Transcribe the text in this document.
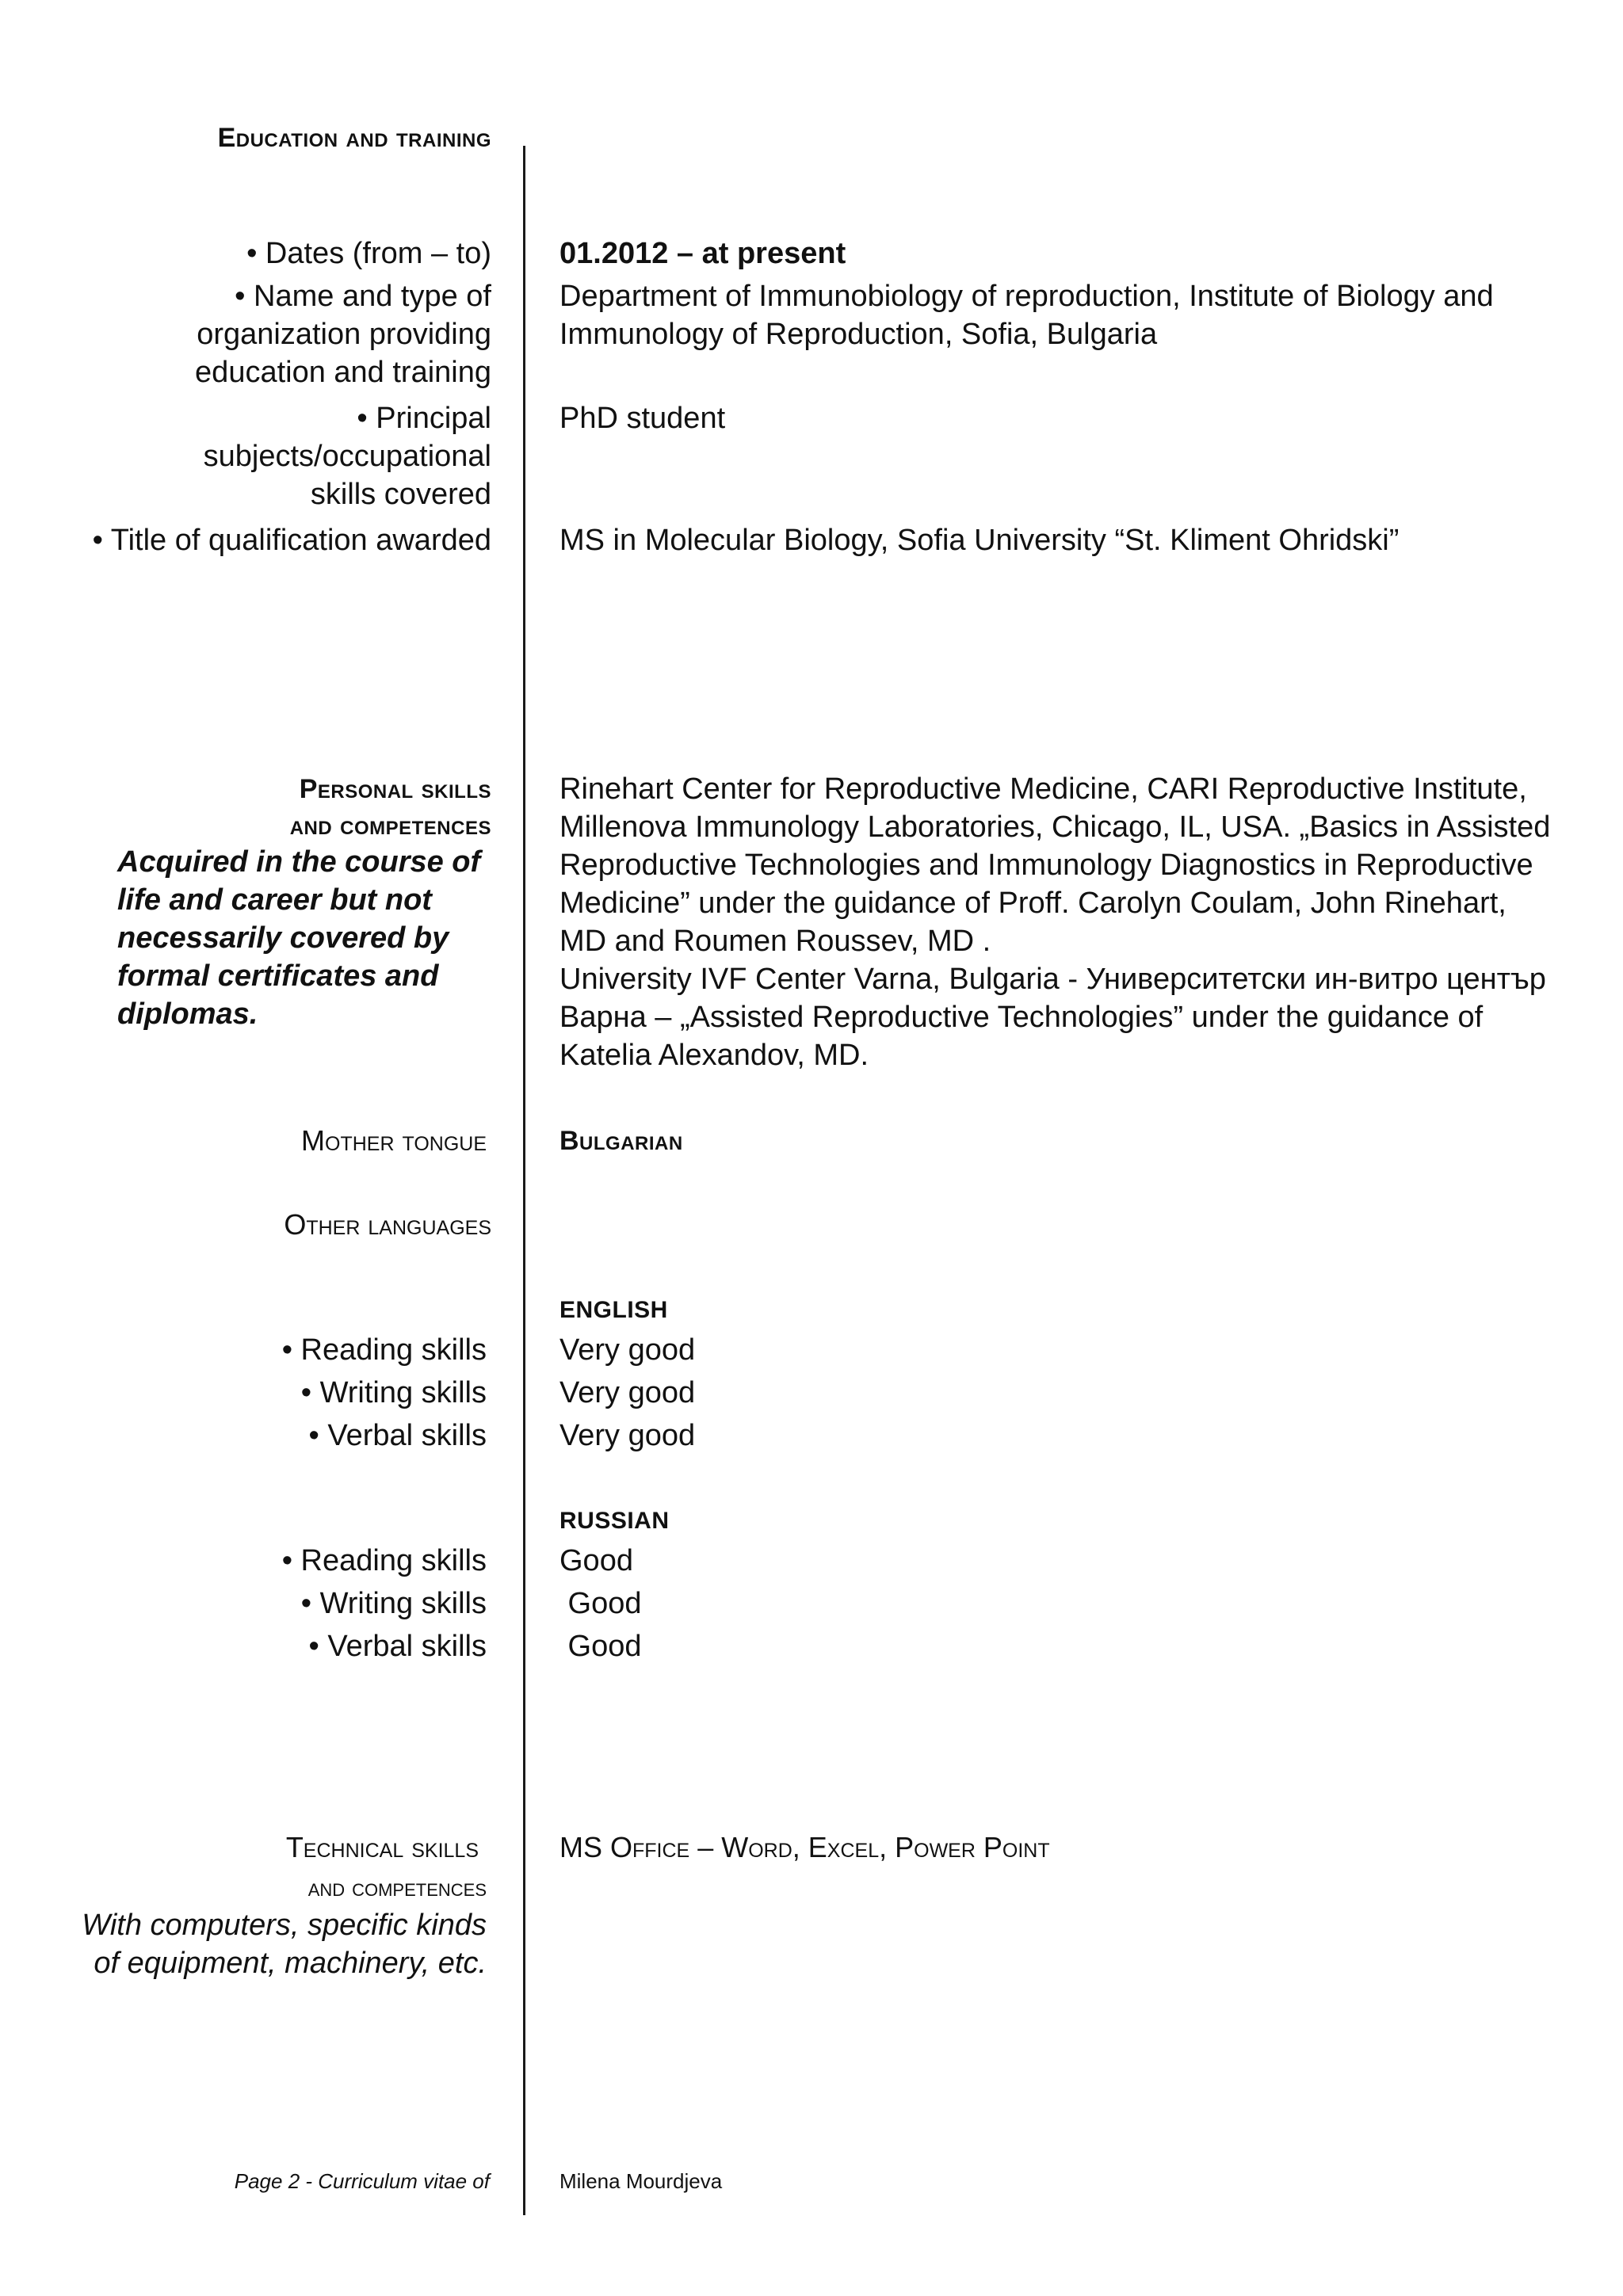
Education and training
• Dates (from – to) 01.2012 – at present
• Name and type of
organization providing
education and training
Department of Immunobiology of reproduction, Institute of Biology and Immunology of Reproduction, Sofia, Bulgaria
• Principal
subjects/occupational
skills covered
PhD student
• Title of qualification awarded MS in Molecular Biology, Sofia University “St. Kliment Ohridski”
Personal skills
and competences
Acquired in the course of
life and career but not
necessarily covered by
formal certificates and
diplomas.
Rinehart Center for Reproductive Medicine, CARI Reproductive Institute, Millenova Immunology Laboratories, Chicago, IL, USA. „Basics in Assisted Reproductive Technologies and Immunology Diagnostics in Reproductive Medicine” under the guidance of Proff. Carolyn Coulam, John Rinehart, MD and Roumen Roussev, MD .
University IVF Center Varna, Bulgaria - Университетски ин-витро център Варна – „Assisted Reproductive Technologies” under the guidance of Katelia Alexandov, MD.
Mother tongue	Bulgarian
Other languages
ENGLISH
• Reading skills Very good
• Writing skills Very good
• Verbal skills Very good
RUSSIAN
• Reading skills Good
• Writing skills Good
• Verbal skills Good
Technical skills
and competences
With computers, specific kinds
of equipment, machinery, etc.
MS Office – Word, Excel, Power Point
Page 2 - Curriculum vitae of	Milena Mourdjeva
